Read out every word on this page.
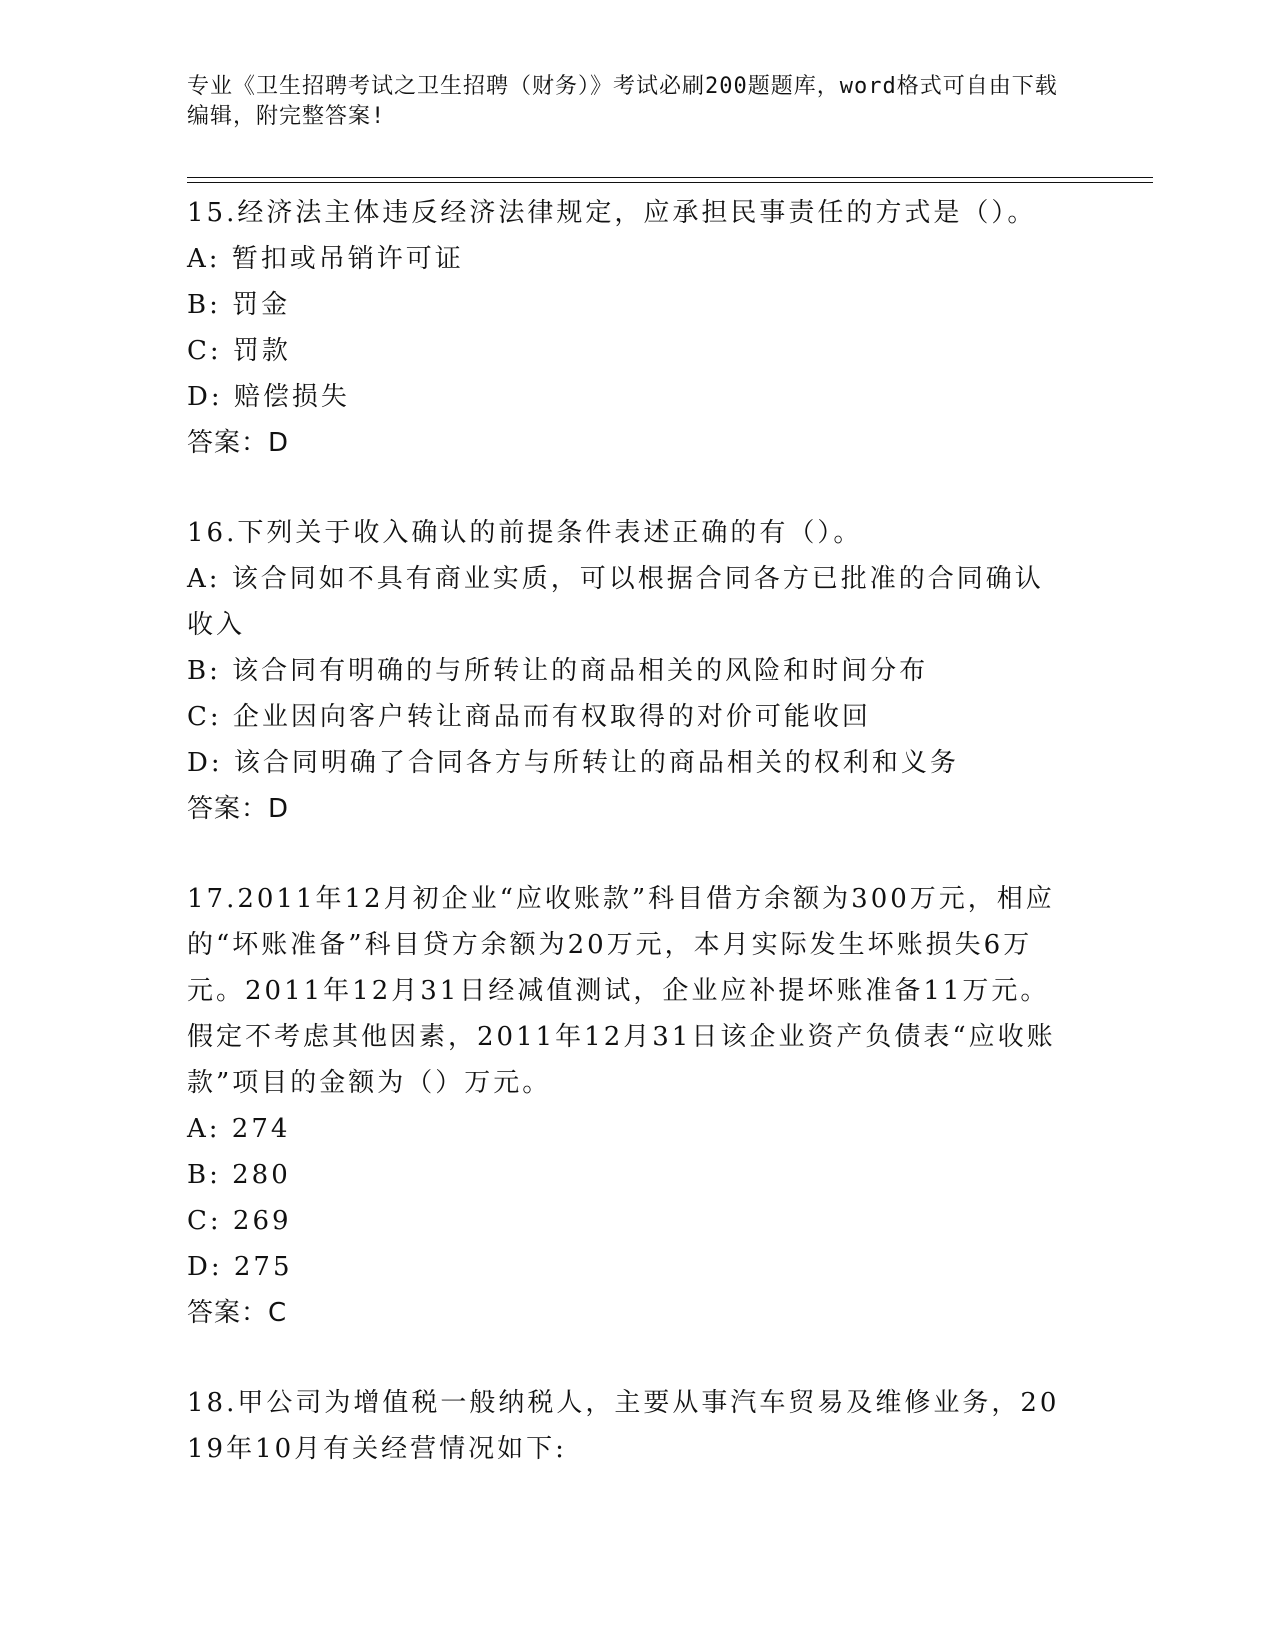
专业《卫生招聘考试之卫生招聘（财务）》考试必刷200题题库，word格式可自由下载编辑，附完整答案!
15.经济法主体违反经济法律规定，应承担民事责任的方式是（）。
A: 暂扣或吊销许可证
B: 罚金
C: 罚款
D: 赔偿损失
答案：D
16.下列关于收入确认的前提条件表述正确的有（）。
A: 该合同如不具有商业实质，可以根据合同各方已批准的合同确认收入
B: 该合同有明确的与所转让的商品相关的风险和时间分布
C: 企业因向客户转让商品而有权取得的对价可能收回
D: 该合同明确了合同各方与所转让的商品相关的权利和义务
答案：D
17.2011年12月初企业“应收账款”科目借方余额为300万元，相应的“坏账准备”科目贷方余额为20万元，本月实际发生坏账损失6万元。2011年12月31日经减值测试，企业应补提坏账准备11万元。假定不考虑其他因素，2011年12月31日该企业资产负债表“应收账款”项目的金额为（）万元。
A: 274
B: 280
C: 269
D: 275
答案：C
18.甲公司为增值税一般纳税人，主要从事汽车贸易及维修业务，2019年10月有关经营情况如下:
